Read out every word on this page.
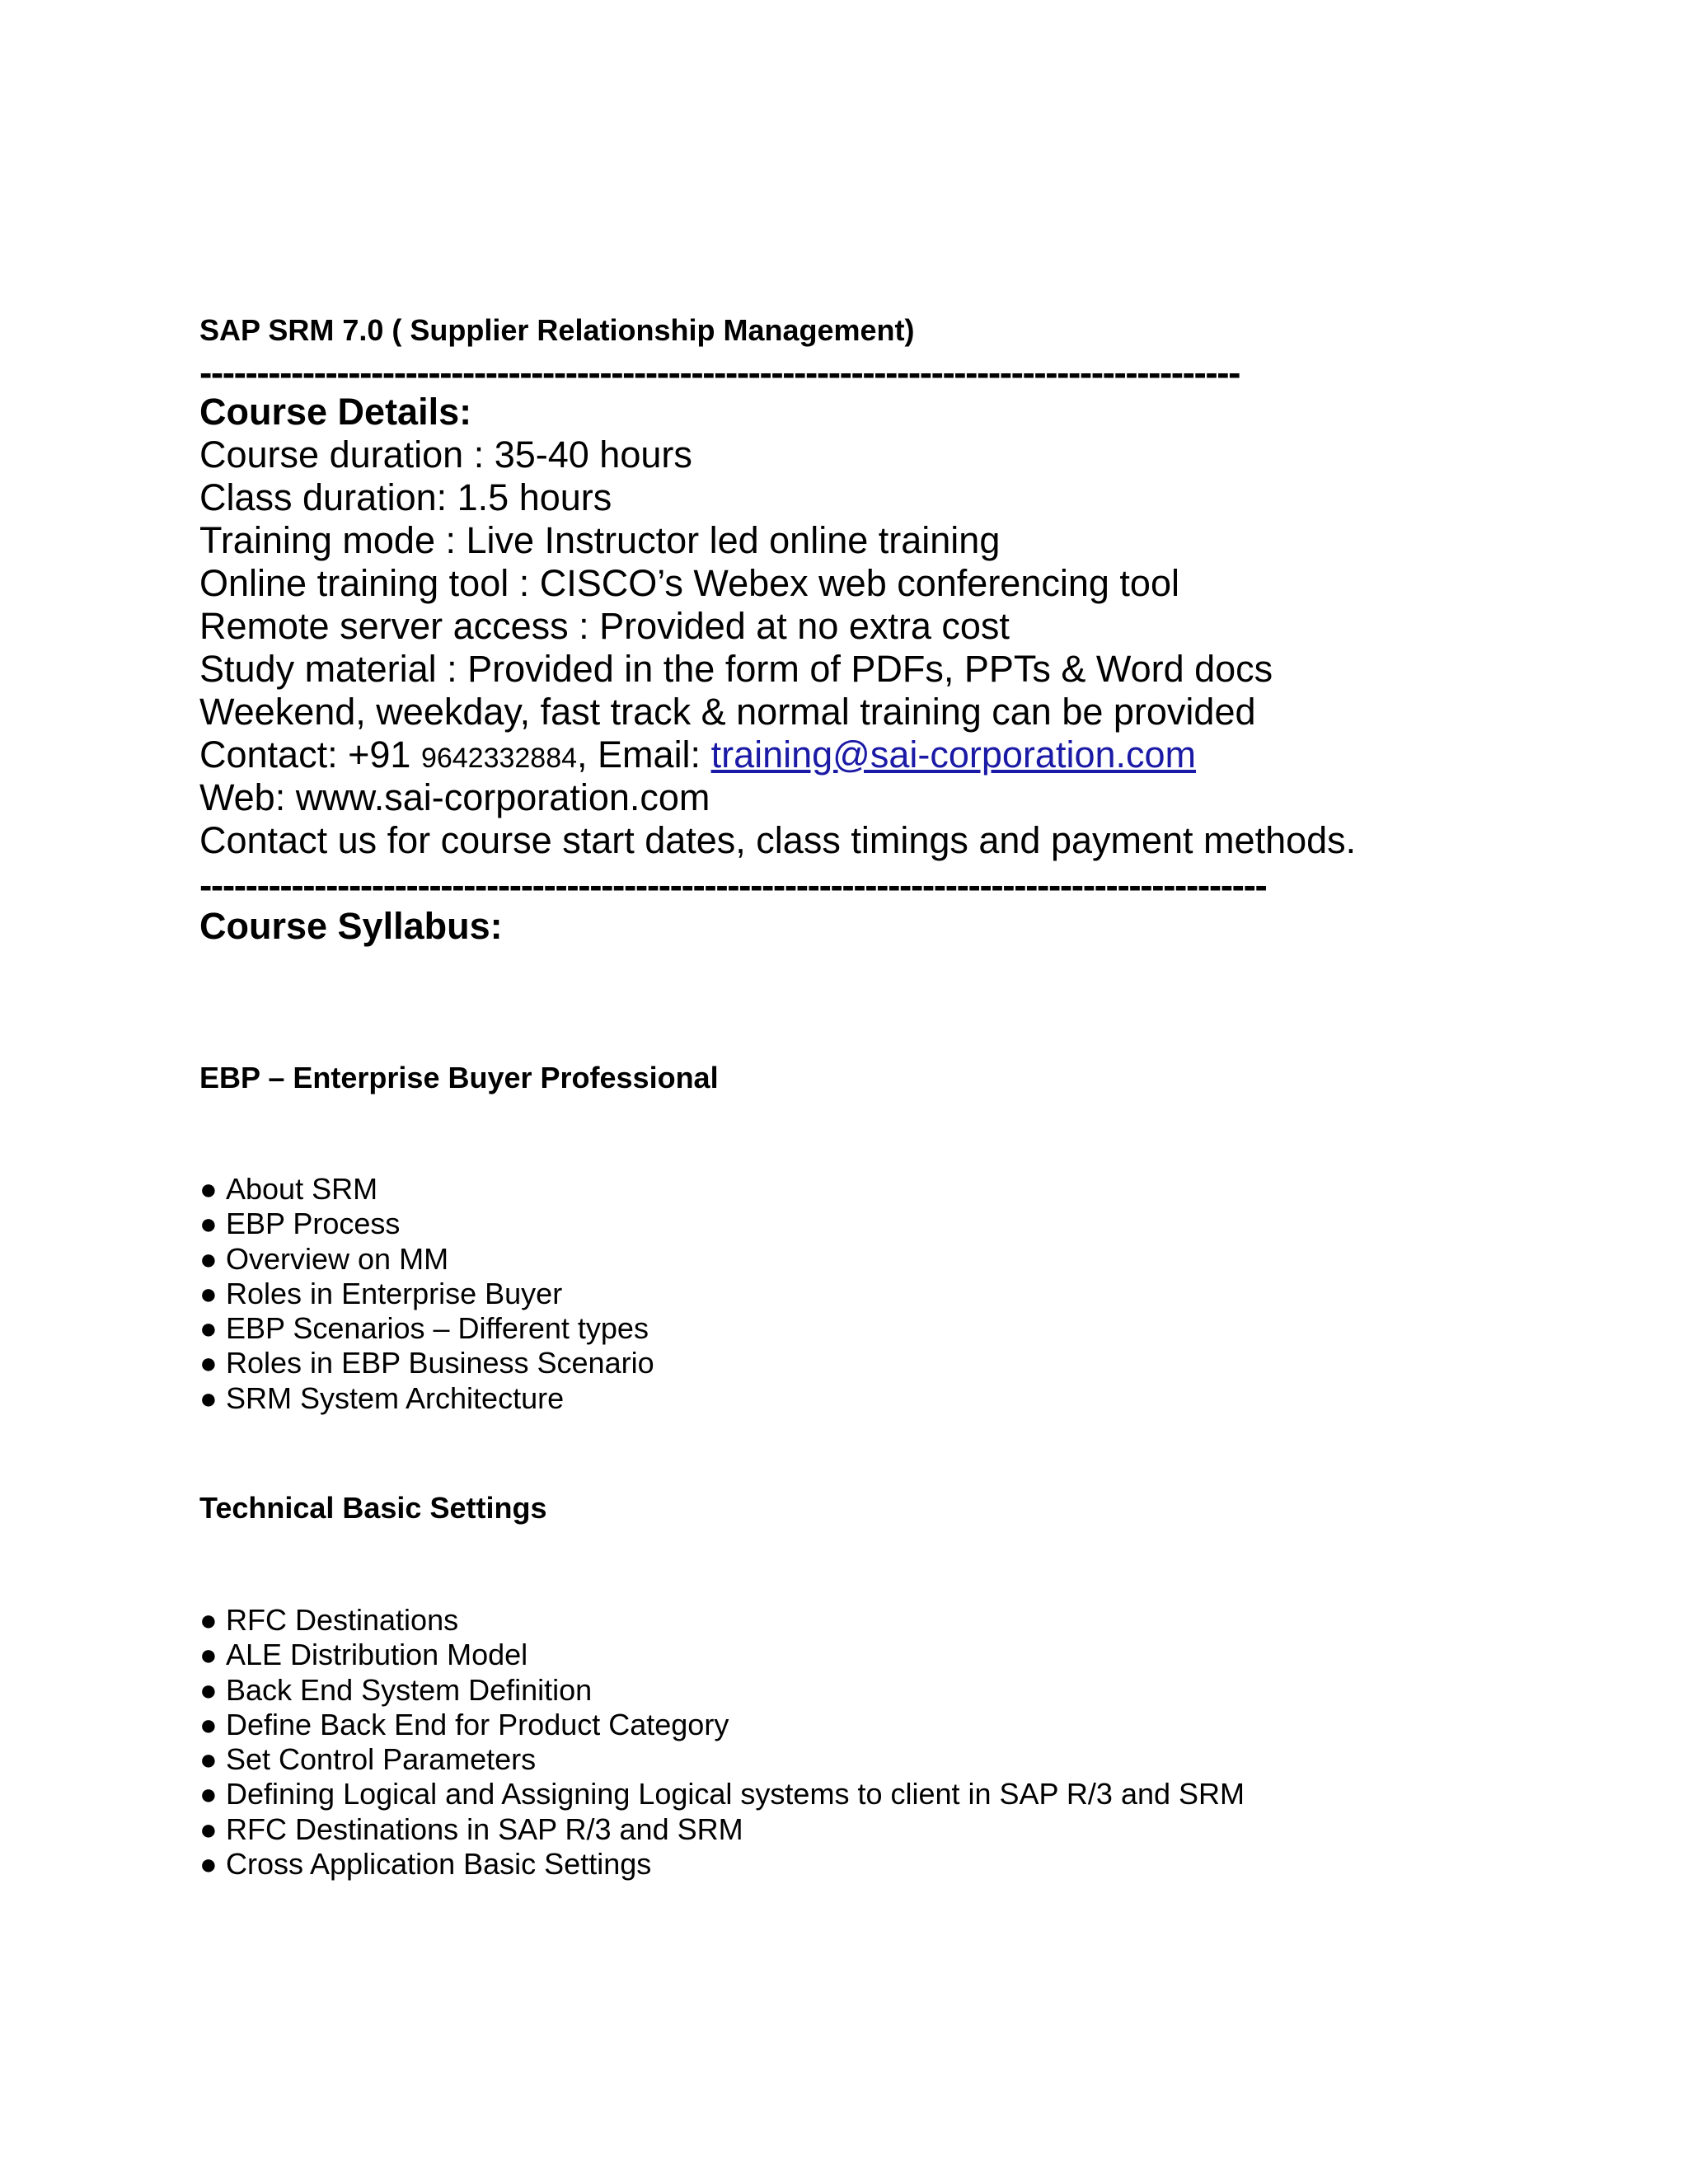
SAP SRM 7.0 ( Supplier Relationship Management)
-------------------------------------------------------------------------------------------
Course Details:
Course duration : 35-40 hours
Class duration: 1.5 hours
Training mode : Live Instructor led online training
Online training tool : CISCO’s Webex web conferencing tool
Remote server access : Provided at no extra cost
Study material : Provided in the form of PDFs, PPTs & Word docs
Weekend, weekday, fast track & normal training can be provided
Contact: +91 9642332884, Email: training@sai-corporation.com
Web: www.sai-corporation.com
Contact us for course start dates, class timings and payment methods.
---------------------------------------------------------------------------------------------
Course Syllabus:
EBP – Enterprise Buyer Professional
● About SRM
● EBP Process
● Overview on MM
● Roles in Enterprise Buyer
● EBP Scenarios – Different types
● Roles in EBP Business Scenario
● SRM System Architecture
Technical Basic Settings
● RFC Destinations
● ALE Distribution Model
● Back End System Definition
● Define Back End for Product Category
● Set Control Parameters
● Defining Logical and Assigning Logical systems to client in SAP R/3 and SRM
● RFC Destinations in SAP R/3 and SRM
● Cross Application Basic Settings
